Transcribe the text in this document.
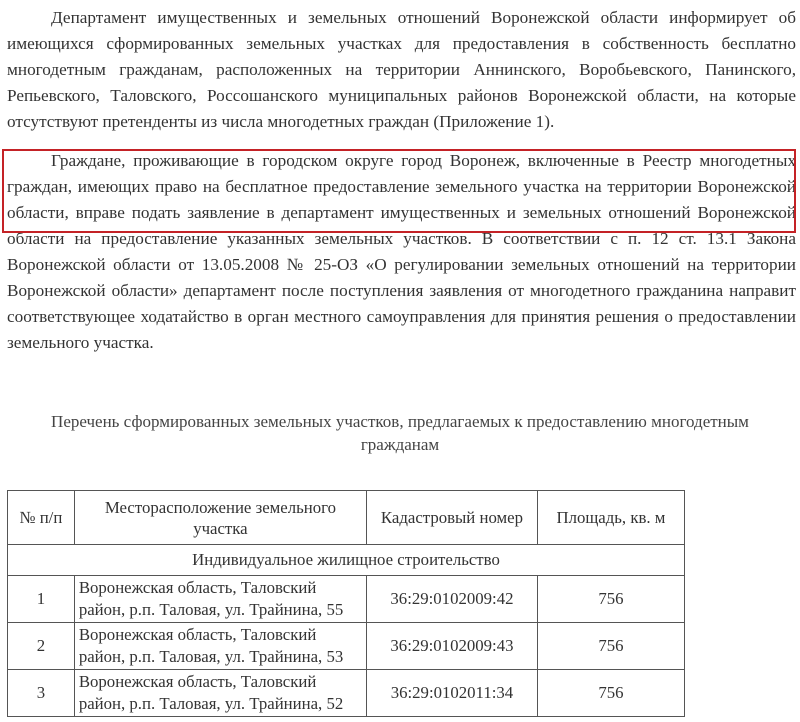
Департамент имущественных и земельных отношений Воронежской области информирует об имеющихся сформированных земельных участках для предоставления в собственность бесплатно многодетным гражданам, расположенных на территории Аннинского, Воробьевского, Панинского, Репьевского, Таловского, Россошанского муниципальных районов Воронежской области, на которые отсутствуют претенденты из числа многодетных граждан (Приложение 1).

Граждане, проживающие в городском округе город Воронеж, включенные в Реестр многодетных граждан, имеющих право на бесплатное предоставление земельного участка на территории Воронежской области, вправе подать заявление в департамент имущественных и земельных отношений Воронежской области на предоставление указанных земельных участков. В соответствии с п. 12 ст. 13.1 Закона Воронежской области от 13.05.2008 № 25-ОЗ «О регулировании земельных отношений на территории Воронежской области» департамент после поступления заявления от многодетного гражданина направит соответствующее ходатайство в орган местного самоуправления для принятия решения о предоставлении земельного участка.

Перечень сформированных земельных участков, предлагаемых к предоставлению многодетным гражданам
№ п/п	Месторасположение земельного участка	Кадастровый номер	Площадь, кв. м
Индивидуальное жилищное строительство			
1	Воронежская область, Таловский район, р.п. Таловая, ул. Трайнина, 55	36:29:0102009:42	756
2	Воронежская область, Таловский район, р.п. Таловая, ул. Трайнина, 53	36:29:0102009:43	756
3	Воронежская область, Таловский район, р.п. Таловая, ул. Трайнина, 52	36:29:0102011:34	756
